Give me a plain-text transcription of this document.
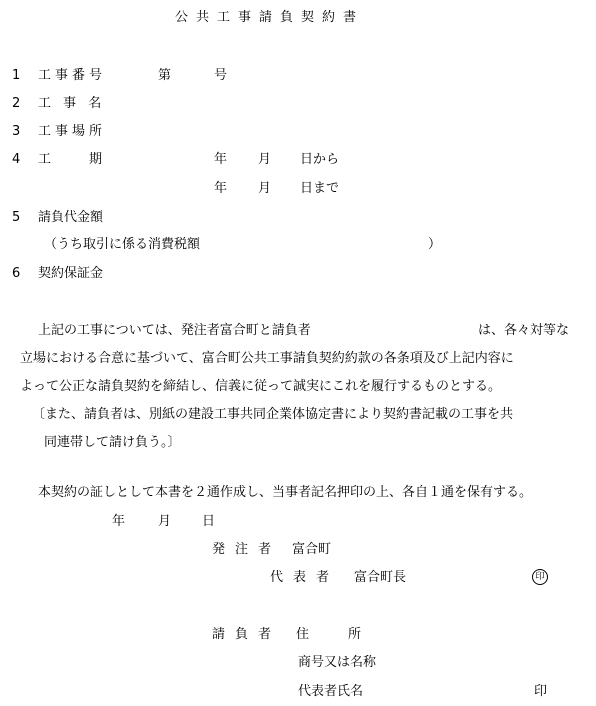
公共工事請負契約書
1 工事番号	第	号
2 工 事 名
3 工事場所
4 工　　期	年 月 日から
年 月 日まで
5 請負代金額
（うち取引に係る消費税額	）
6 契約保証金
上記の工事については、発注者富合町と請負者	は、各々対等な
立場における合意に基づいて、富合町公共工事請負契約約款の各条項及び上記内容に
よって公正な請負契約を締結し、信義に従って誠実にこれを履行するものとする。
〔また、請負者は、別紙の建設工事共同企業体協定書により契約書記載の工事を共
同連帯して請け負う。〕
本契約の証しとして本書を２通作成し、当事者記名押印の上、各自１通を保有する。
年	月 日
発注者 富合町
代表者 富合町長	印
請負者 住　　　所
商号又は名称
代表者氏名	印
